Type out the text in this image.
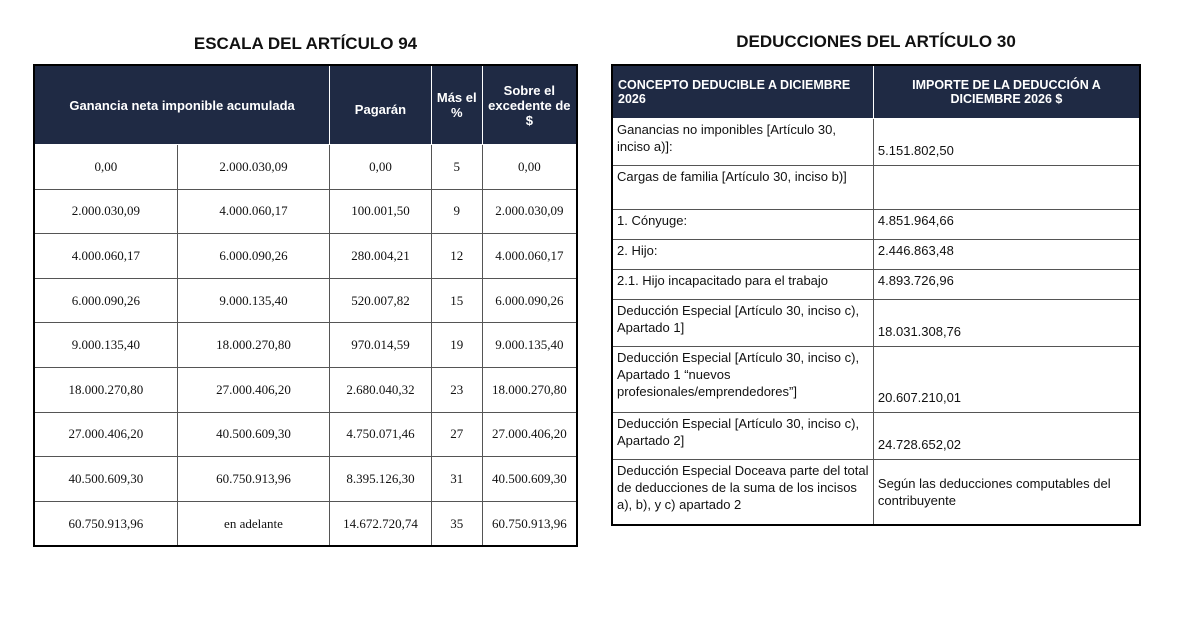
ESCALA DEL ARTÍCULO 94	DEDUCCIONES DEL ARTÍCULO 30
Ganancia neta imponible acumulada		Pagarán	Más el %	Sobre el excedente de $
0,00	2.000.030,09	0,00	5	0,00
2.000.030,09	4.000.060,17	100.001,50	9	2.000.030,09
4.000.060,17	6.000.090,26	280.004,21	12	4.000.060,17
6.000.090,26	9.000.135,40	520.007,82	15	6.000.090,26
9.000.135,40	18.000.270,80	970.014,59	19	9.000.135,40
18.000.270,80	27.000.406,20	2.680.040,32	23	18.000.270,80
27.000.406,20	40.500.609,30	4.750.071,46	27	27.000.406,20
40.500.609,30	60.750.913,96	8.395.126,30	31	40.500.609,30
60.750.913,96	en adelante	14.672.720,74	35	60.750.913,96
CONCEPTO DEDUCIBLE A DICIEMBRE 2026	IMPORTE DE LA DEDUCCIÓN A DICIEMBRE 2026 $
Ganancias no imponibles [Artículo 30, inciso a)]:	5.151.802,50
Cargas de familia [Artículo 30, inciso b)]	
1. Cónyuge:	4.851.964,66
2. Hijo:	2.446.863,48
2.1. Hijo incapacitado para el trabajo	4.893.726,96
Deducción Especial [Artículo 30, inciso c), Apartado 1]	18.031.308,76
Deducción Especial [Artículo 30, inciso c), Apartado 1 “nuevos profesionales/emprendedores”]	20.607.210,01
Deducción Especial [Artículo 30, inciso c), Apartado 2]	24.728.652,02
Deducción Especial Doceava parte del total de deducciones de la suma de los incisos a), b), y c) apartado 2	Según las deducciones computables del contribuyente
